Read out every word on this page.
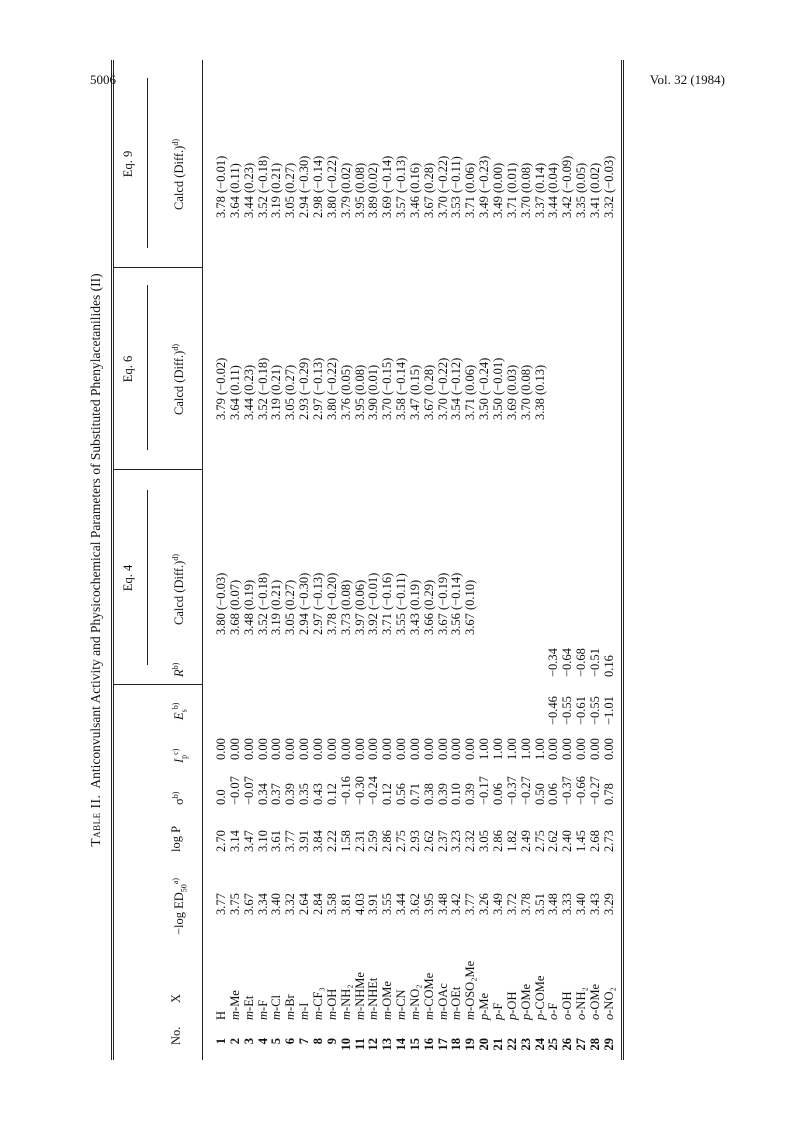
5006	Vol. 32 (1984)
Table II.  Anticonvulsant Activity and Physicochemical Parameters of Substituted Phenylacetanilides (II) Eq. 4
Eq. 6
Eq. 9
No.
X
−log $ED_{50}^{a)}$
log P
$\sigma^{b)}$
$I_p^{c)}$
$E_s^{b)}$
$R^{b)}$
Calcd (Diff.)$^{d)}$
Calcd (Diff.)$^{d)}$
Calcd (Diff.)$^{d)}$
1
H
3.77
2.70
0.0
0.00
3.80 (−0.03)
3.79 (−0.02)
3.78 (−0.01)
2
m-Me
3.75
3.14
−0.07
0.00
3.68 (0.07)
3.64 (0.11)
3.64 (0.11)
3
m-Et
3.67
3.47
−0.07
0.00
3.48 (0.19)
3.44 (0.23)
3.44 (0.23)
4
m-F
3.34
3.10
0.34
0.00
3.52 (−0.18)
3.52 (−0.18)
3.52 (−0.18)
5
m-Cl
3.40
3.61
0.37
0.00
3.19 (0.21)
3.19 (0.21)
3.19 (0.21)
6
m-Br
3.32
3.77
0.39
0.00
3.05 (0.27)
3.05 (0.27)
3.05 (0.27)
7
m-I
2.64
3.91
0.35
0.00
2.94 (−0.30)
2.93 (−0.29)
2.94 (−0.30)
8
m-CF₃
2.84
3.84
0.43
0.00
2.97 (−0.13)
2.97 (−0.13)
2.98 (−0.14)
9
m-OH
3.58
2.22
0.12
0.00
3.78 (−0.20)
3.80 (−0.22)
3.80 (−0.22)
10
m-NH₂
3.81
1.58
−0.16
0.00
3.73 (0.08)
3.76 (0.05)
3.79 (0.02)
11
m-NHMe
4.03
2.31
−0.30
0.00
3.97 (0.06)
3.95 (0.08)
3.95 (0.08)
12
m-NHEt
3.91
2.59
−0.24
0.00
3.92 (−0.01)
3.90 (0.01)
3.89 (0.02)
13
m-OMe
3.55
2.86
0.12
0.00
3.71 (−0.16)
3.70 (−0.15)
3.69 (−0.14)
14
m-CN
3.44
2.75
0.56
0.00
3.55 (−0.11)
3.58 (−0.14)
3.57 (−0.13)
15
m-NO₂
3.62
2.93
0.71
0.00
3.43 (0.19)
3.47 (0.15)
3.46 (0.16)
16
m-COMe
3.95
2.62
0.38
0.00
3.66 (0.29)
3.67 (0.28)
3.67 (0.28)
17
m-OAc
3.48
2.37
0.39
0.00
3.67 (−0.19)
3.70 (−0.22)
3.70 (−0.22)
18
m-OEt
3.42
3.23
0.10
0.00
3.56 (−0.14)
3.54 (−0.12)
3.53 (−0.11)
19
m-OSO₂Me
3.77
2.32
0.39
0.00
3.67 (0.10)
3.71 (0.06)
3.71 (0.06)
20
p-Me
3.26
3.05
−0.17
1.00
3.50 (−0.24)
3.49 (−0.23)
21
p-F
3.49
2.86
0.06
1.00
3.50 (−0.01)
3.49 (0.00)
22
p-OH
3.72
1.82
−0.37
1.00
3.69 (0.03)
3.71 (0.01)
23
p-OMe
3.78
2.49
−0.27
1.00
3.70 (0.08)
3.70 (0.08)
24
p-COMe
3.51
2.75
0.50
1.00
3.38 (0.13)
3.37 (0.14)
25
o-F
3.48
2.62
0.06
0.00
−0.46
−0.34
3.44 (0.04)
26
o-OH
3.33
2.40
−0.37
0.00
−0.55
−0.64
3.42 (−0.09)
27
o-NH₂
3.40
1.45
−0.66
0.00
−0.61
−0.68
3.35 (0.05)
28
o-OMe
3.43
2.68
−0.27
0.00
−0.55
−0.51
3.41 (0.02)
29
o-NO₂
3.29
2.73
0.78
0.00
−1.01
0.16
3.32 (−0.03)
